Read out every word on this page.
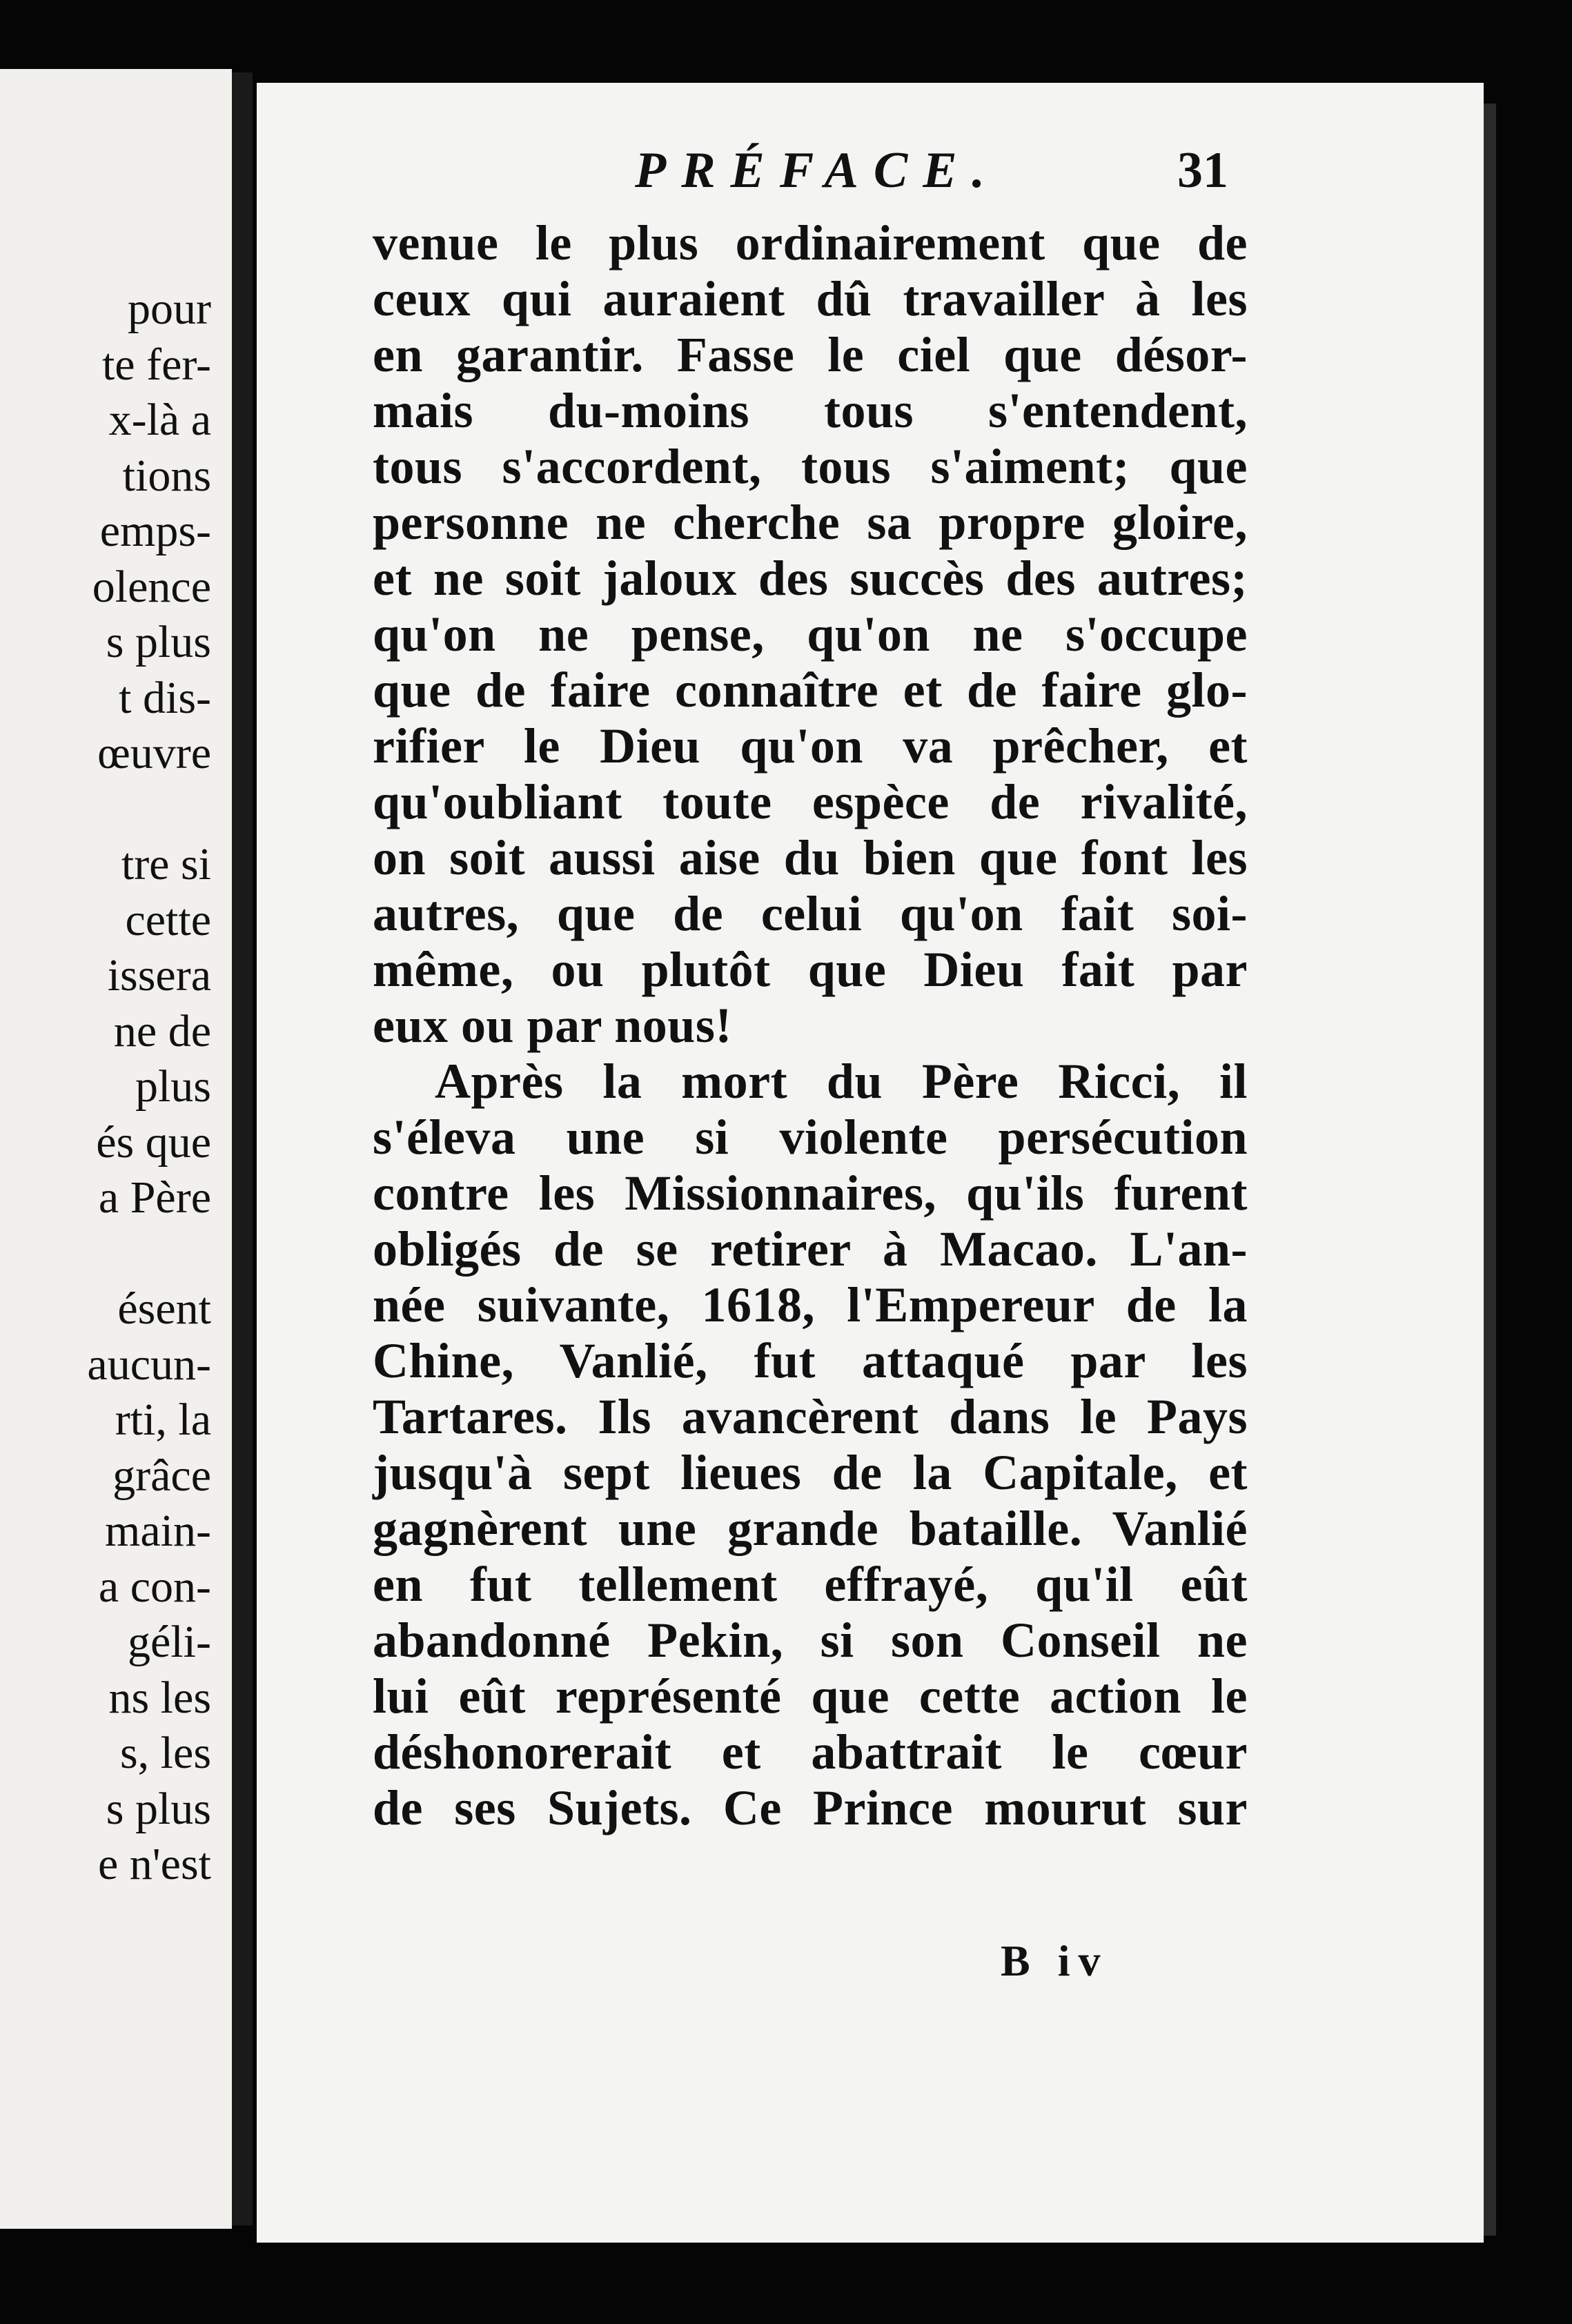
pour
te fer-
x-là a
tions
emps-
olence
s plus
t dis-
œuvre
tre si
cette
issera
ne de
plus
és que
a Père
ésent
aucun-
rti, la
grâce
main-
a con-
géli-
ns les
s, les
s plus
e n'est
PRÉFACE.	31
venue le plus ordinairement que de
ceux qui auraient dû travailler à les
en garantir. Fasse le ciel que désor-
mais du-moins tous s'entendent,
tous s'accordent, tous s'aiment; que
personne ne cherche sa propre gloire,
et ne soit jaloux des succès des autres;
qu'on ne pense, qu'on ne s'occupe
que de faire connaître et de faire glo-
rifier le Dieu qu'on va prêcher, et
qu'oubliant toute espèce de rivalité,
on soit aussi aise du bien que font les
autres, que de celui qu'on fait soi-
même, ou plutôt que Dieu fait par
eux ou par nous!
Après la mort du Père Ricci, il
s'éleva une si violente persécution
contre les Missionnaires, qu'ils furent
obligés de se retirer à Macao. L'an-
née suivante, 1618, l'Empereur de la
Chine, Vanlié, fut attaqué par les
Tartares. Ils avancèrent dans le Pays
jusqu'à sept lieues de la Capitale, et
gagnèrent une grande bataille. Vanlié
en fut tellement effrayé, qu'il eût
abandonné Pekin, si son Conseil ne
lui eût représenté que cette action le
déshonorerait et abattrait le cœur
de ses Sujets. Ce Prince mourut sur
B iv
